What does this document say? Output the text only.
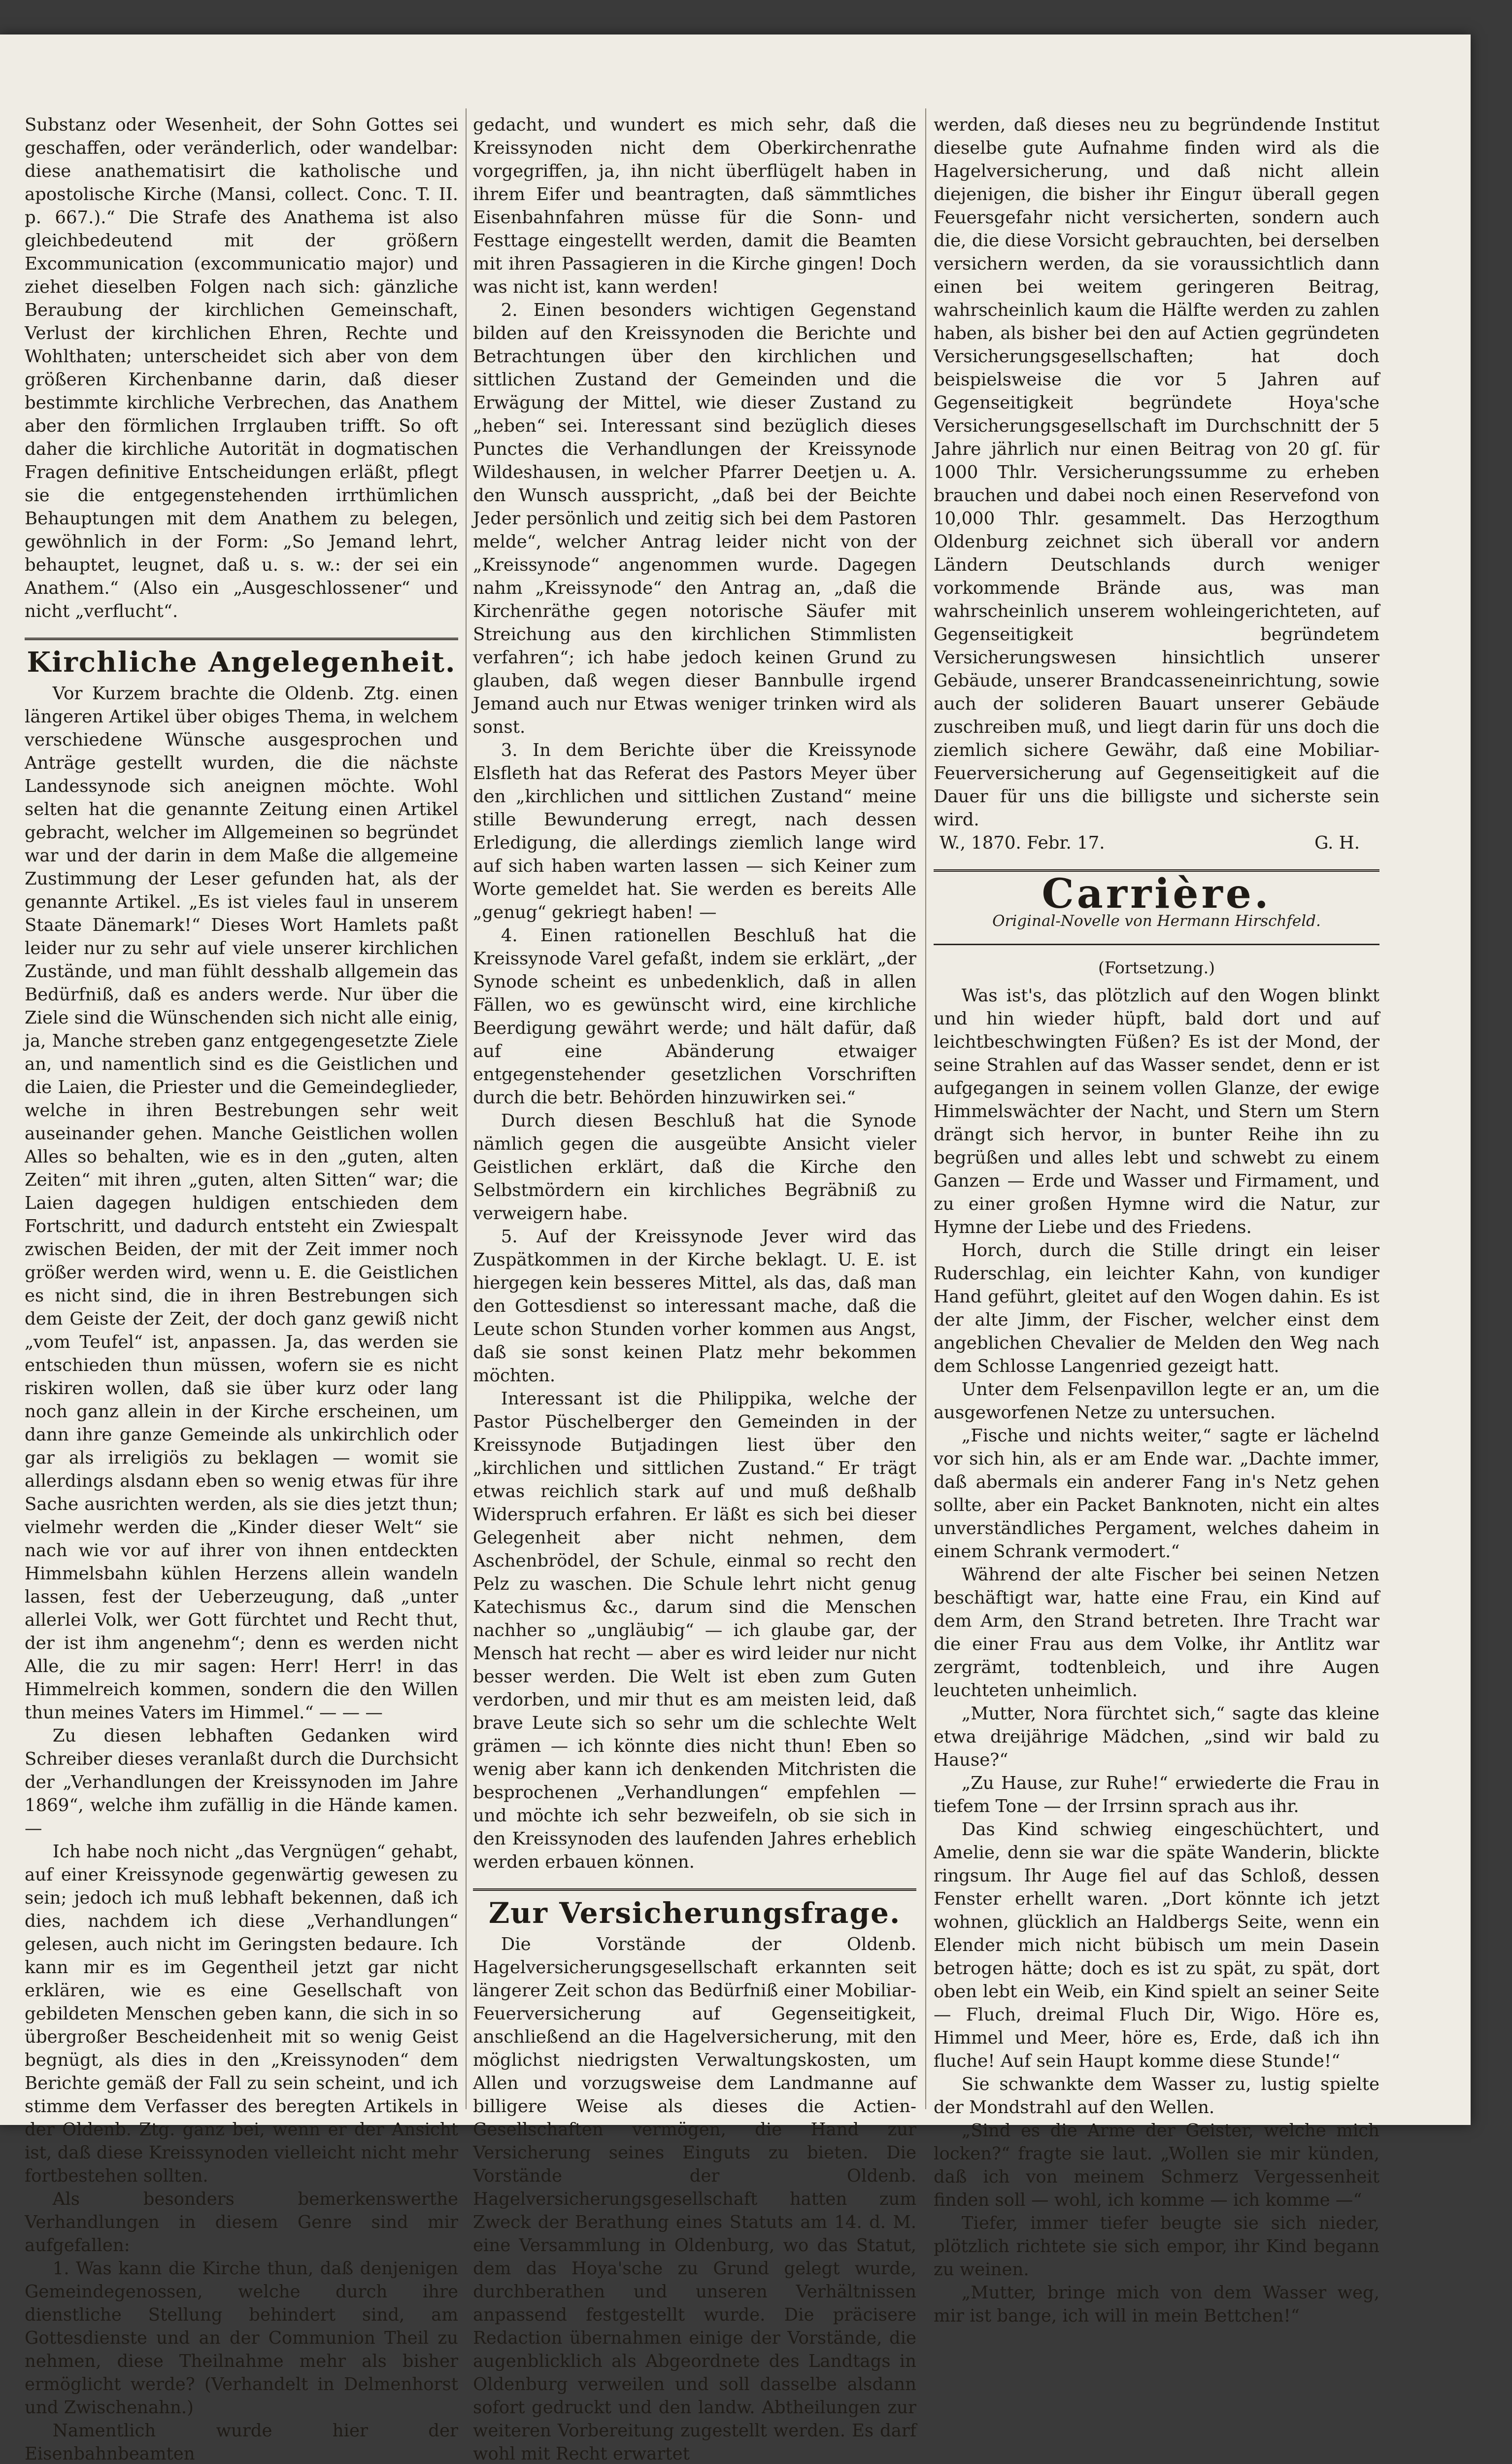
Substanz oder Wesenheit, der Sohn Gottes sei geschaffen, oder veränderlich, oder wandelbar: diese anathematisirt die katholische und apostolische Kirche (Mansi, collect. Conc. T. II. p. 667.).“ Die Strafe des Anathema ist also gleichbedeutend mit der größern Excommunication (excommunicatio major) und ziehet dieselben Folgen nach sich: gänzliche Beraubung der kirchlichen Gemeinschaft, Verlust der kirchlichen Ehren, Rechte und Wohlthaten; unterscheidet sich aber von dem größeren Kirchenbanne darin, daß dieser bestimmte kirchliche Verbrechen, das Anathem aber den förmlichen Irrglauben trifft. So oft daher die kirchliche Autorität in dogmatischen Fragen definitive Entscheidungen erläßt, pflegt sie die entgegenstehenden irrthümlichen Behauptungen mit dem Anathem zu belegen, gewöhnlich in der Form: „So Jemand lehrt, behauptet, leugnet, daß u. s. w.: der sei ein Anathem.“ (Also ein „Ausgeschlossener“ und nicht „verflucht“.

Kirchliche Angelegenheit.

Vor Kurzem brachte die Oldenb. Ztg. einen längeren Artikel über obiges Thema, in welchem verschiedene Wünsche ausgesprochen und Anträge gestellt wurden, die die nächste Landessynode sich aneignen möchte. Wohl selten hat die genannte Zeitung einen Artikel gebracht, welcher im Allgemeinen so begründet war und der darin in dem Maße die allgemeine Zustimmung der Leser gefunden hat, als der genannte Artikel. „Es ist vieles faul in unserem Staate Dänemark!“ Dieses Wort Hamlets paßt leider nur zu sehr auf viele unserer kirchlichen Zustände, und man fühlt desshalb allgemein das Bedürfniß, daß es anders werde. Nur über die Ziele sind die Wünschenden sich nicht alle einig, ja, Manche streben ganz entgegengesetzte Ziele an, und namentlich sind es die Geistlichen und die Laien, die Priester und die Gemeindeglieder, welche in ihren Bestrebungen sehr weit auseinander gehen. Manche Geistlichen wollen Alles so behalten, wie es in den „guten, alten Zeiten“ mit ihren „guten, alten Sitten“ war; die Laien dagegen huldigen entschieden dem Fortschritt, und dadurch entsteht ein Zwiespalt zwischen Beiden, der mit der Zeit immer noch größer werden wird, wenn u. E. die Geistlichen es nicht sind, die in ihren Bestrebungen sich dem Geiste der Zeit, der doch ganz gewiß nicht „vom Teufel“ ist, anpassen. Ja, das werden sie entschieden thun müssen, wofern sie es nicht riskiren wollen, daß sie über kurz oder lang noch ganz allein in der Kirche erscheinen, um dann ihre ganze Gemeinde als unkirchlich oder gar als irreligiös zu beklagen — womit sie allerdings alsdann eben so wenig etwas für ihre Sache ausrichten werden, als sie dies jetzt thun; vielmehr werden die „Kinder dieser Welt“ sie nach wie vor auf ihrer von ihnen entdeckten Himmelsbahn kühlen Herzens allein wandeln lassen, fest der Ueberzeugung, daß „unter allerlei Volk, wer Gott fürchtet und Recht thut, der ist ihm angenehm“; denn es werden nicht Alle, die zu mir sagen: Herr! Herr! in das Himmelreich kommen, sondern die den Willen thun meines Vaters im Himmel.“ — — —

Zu diesen lebhaften Gedanken wird Schreiber dieses veranlaßt durch die Durchsicht der „Verhandlungen der Kreissynoden im Jahre 1869“, welche ihm zufällig in die Hände kamen. —

Ich habe noch nicht „das Vergnügen“ gehabt, auf einer Kreissynode gegenwärtig gewesen zu sein; jedoch ich muß lebhaft bekennen, daß ich dies, nachdem ich diese „Verhandlungen“ gelesen, auch nicht im Geringsten bedaure. Ich kann mir es im Gegentheil jetzt gar nicht erklären, wie es eine Gesellschaft von gebildeten Menschen geben kann, die sich in so übergroßer Bescheidenheit mit so wenig Geist begnügt, als dies in den „Kreissynoden“ dem Berichte gemäß der Fall zu sein scheint, und ich stimme dem Verfasser des beregten Artikels in der Oldenb. Ztg. ganz bei, wenn er der Ansicht ist, daß diese Kreissynoden vielleicht nicht mehr fortbestehen sollten.

Als besonders bemerkenswerthe Verhandlungen in diesem Genre sind mir aufgefallen:

1. Was kann die Kirche thun, daß denjenigen Gemeindegenossen, welche durch ihre dienstliche Stellung behindert sind, am Gottesdienste und an der Communion Theil zu nehmen, diese Theilnahme mehr als bisher ermöglicht werde? (Verhandelt in Delmenhorst und Zwischenahn.)

Namentlich wurde hier der Eisenbahnbeamten

gedacht, und wundert es mich sehr, daß die Kreissynoden nicht dem Oberkirchenrathe vorgegriffen, ja, ihn nicht überflügelt haben in ihrem Eifer und beantragten, daß sämmtliches Eisenbahnfahren müsse für die Sonn- und Festtage eingestellt werden, damit die Beamten mit ihren Passagieren in die Kirche gingen! Doch was nicht ist, kann werden!

2. Einen besonders wichtigen Gegenstand bilden auf den Kreissynoden die Berichte und Betrachtungen über den kirchlichen und sittlichen Zustand der Gemeinden und die Erwägung der Mittel, wie dieser Zustand zu „heben“ sei. Interessant sind bezüglich dieses Punctes die Verhandlungen der Kreissynode Wildeshausen, in welcher Pfarrer Deetjen u. A. den Wunsch ausspricht, „daß bei der Beichte Jeder persönlich und zeitig sich bei dem Pastoren melde“, welcher Antrag leider nicht von der „Kreissynode“ angenommen wurde. Dagegen nahm „Kreissynode“ den Antrag an, „daß die Kirchenräthe gegen notorische Säufer mit Streichung aus den kirchlichen Stimmlisten verfahren“; ich habe jedoch keinen Grund zu glauben, daß wegen dieser Bannbulle irgend Jemand auch nur Etwas weniger trinken wird als sonst.

3. In dem Berichte über die Kreissynode Elsfleth hat das Referat des Pastors Meyer über den „kirchlichen und sittlichen Zustand“ meine stille Bewunderung erregt, nach dessen Erledigung, die allerdings ziemlich lange wird auf sich haben warten lassen — sich Keiner zum Worte gemeldet hat. Sie werden es bereits Alle „genug“ gekriegt haben! —

4. Einen rationellen Beschluß hat die Kreissynode Varel gefaßt, indem sie erklärt, „der Synode scheint es unbedenklich, daß in allen Fällen, wo es gewünscht wird, eine kirchliche Beerdigung gewährt werde; und hält dafür, daß auf eine Abänderung etwaiger entgegenstehender gesetzlichen Vorschriften durch die betr. Behörden hinzuwirken sei.“

Durch diesen Beschluß hat die Synode nämlich gegen die ausgeübte Ansicht vieler Geistlichen erklärt, daß die Kirche den Selbstmördern ein kirchliches Begräbniß zu verweigern habe.

5. Auf der Kreissynode Jever wird das Zuspätkommen in der Kirche beklagt. U. E. ist hiergegen kein besseres Mittel, als das, daß man den Gottesdienst so interessant mache, daß die Leute schon Stunden vorher kommen aus Angst, daß sie sonst keinen Platz mehr bekommen möchten.

Interessant ist die Philippika, welche der Pastor Püschelberger den Gemeinden in der Kreissynode Butjadingen liest über den „kirchlichen und sittlichen Zustand.“ Er trägt etwas reichlich stark auf und muß deßhalb Widerspruch erfahren. Er läßt es sich bei dieser Gelegenheit aber nicht nehmen, dem Aschenbrödel, der Schule, einmal so recht den Pelz zu waschen. Die Schule lehrt nicht genug Katechismus &c., darum sind die Menschen nachher so „ungläubig“ — ich glaube gar, der Mensch hat recht — aber es wird leider nur nicht besser werden. Die Welt ist eben zum Guten verdorben, und mir thut es am meisten leid, daß brave Leute sich so sehr um die schlechte Welt grämen — ich könnte dies nicht thun! Eben so wenig aber kann ich denkenden Mitchristen die besprochenen „Verhandlungen“ empfehlen — und möchte ich sehr bezweifeln, ob sie sich in den Kreissynoden des laufenden Jahres erheblich werden erbauen können.

Zur Versicherungsfrage.

Die Vorstände der Oldenb. Hagelversicherungsgesellschaft erkannten seit längerer Zeit schon das Bedürfniß einer Mobiliar-Feuerversicherung auf Gegenseitigkeit, anschließend an die Hagelversicherung, mit den möglichst niedrigsten Verwaltungskosten, um Allen und vorzugsweise dem Landmanne auf billigere Weise als dieses die Actien-Gesellschaften vermögen, die Hand zur Versicherung seines Einguts zu bieten. Die Vorstände der Oldenb. Hagelversicherungsgesellschaft hatten zum Zweck der Berathung eines Statuts am 14. d. M. eine Versammlung in Oldenburg, wo das Statut, dem das Hoya'sche zu Grund gelegt wurde, durchberathen und unseren Verhältnissen anpassend festgestellt wurde. Die präcisere Redaction übernahmen einige der Vorstände, die augenblicklich als Abgeordnete des Landtags in Oldenburg verweilen und soll dasselbe alsdann sofort gedruckt und den landw. Abtheilungen zur weiteren Vorbereitung zugestellt werden. Es darf wohl mit Recht erwartet

werden, daß dieses neu zu begründende Institut dieselbe gute Aufnahme finden wird als die Hagelversicherung, und daß nicht allein diejenigen, die bisher ihr Einguт überall gegen Feuersgefahr nicht versicherten, sondern auch die, die diese Vorsicht gebrauchten, bei derselben versichern werden, da sie voraussichtlich dann einen bei weitem geringeren Beitrag, wahrscheinlich kaum die Hälfte werden zu zahlen haben, als bisher bei den auf Actien gegründeten Versicherungsgesellschaften; hat doch beispielsweise die vor 5 Jahren auf Gegenseitigkeit begründete Hoya'sche Versicherungsgesellschaft im Durchschnitt der 5 Jahre jährlich nur einen Beitrag von 20 gſ. für 1000 Thlr. Versicherungssumme zu erheben brauchen und dabei noch einen Reservefond von 10,000 Thlr. gesammelt. Das Herzogthum Oldenburg zeichnet sich überall vor andern Ländern Deutschlands durch weniger vorkommende Brände aus, was man wahrscheinlich unserem wohleingerichteten, auf Gegenseitigkeit begründetem Versicherungswesen hinsichtlich unserer Gebäude, unserer Brandcasseneinrichtung, sowie auch der solideren Bauart unserer Gebäude zuschreiben muß, und liegt darin für uns doch die ziemlich sichere Gewähr, daß eine Mobiliar-Feuerversicherung auf Gegenseitigkeit auf die Dauer für uns die billigste und sicherste sein wird.

W., 1870. Febr. 17.	G. H.
Carrière.
Original-Novelle von Hermann Hirschfeld.
(Fortsetzung.)

Was ist's, das plötzlich auf den Wogen blinkt und hin wieder hüpft, bald dort und auf leichtbeschwingten Füßen? Es ist der Mond, der seine Strahlen auf das Wasser sendet, denn er ist aufgegangen in seinem vollen Glanze, der ewige Himmelswächter der Nacht, und Stern um Stern drängt sich hervor, in bunter Reihe ihn zu begrüßen und alles lebt und schwebt zu einem Ganzen — Erde und Wasser und Firmament, und zu einer großen Hymne wird die Natur, zur Hymne der Liebe und des Friedens.

Horch, durch die Stille dringt ein leiser Ruderschlag, ein leichter Kahn, von kundiger Hand geführt, gleitet auf den Wogen dahin. Es ist der alte Jimm, der Fischer, welcher einst dem angeblichen Chevalier de Melden den Weg nach dem Schlosse Langenried gezeigt hatt.

Unter dem Felsenpavillon legte er an, um die ausgeworfenen Netze zu untersuchen.

„Fische und nichts weiter,“ sagte er lächelnd vor sich hin, als er am Ende war. „Dachte immer, daß abermals ein anderer Fang in's Netz gehen sollte, aber ein Packet Banknoten, nicht ein altes unverständliches Pergament, welches daheim in einem Schrank vermodert.“

Während der alte Fischer bei seinen Netzen beschäftigt war, hatte eine Frau, ein Kind auf dem Arm, den Strand betreten. Ihre Tracht war die einer Frau aus dem Volke, ihr Antlitz war zergrämt, todtenbleich, und ihre Augen leuchteten unheimlich.

„Mutter, Nora fürchtet sich,“ sagte das kleine etwa dreijährige Mädchen, „sind wir bald zu Hause?“

„Zu Hause, zur Ruhe!“ erwiederte die Frau in tiefem Tone — der Irrsinn sprach aus ihr.

Das Kind schwieg eingeschüchtert, und Amelie, denn sie war die späte Wanderin, blickte ringsum. Ihr Auge fiel auf das Schloß, dessen Fenster erhellt waren. „Dort könnte ich jetzt wohnen, glücklich an Haldbergs Seite, wenn ein Elender mich nicht bübisch um mein Dasein betrogen hätte; doch es ist zu spät, zu spät, dort oben lebt ein Weib, ein Kind spielt an seiner Seite — Fluch, dreimal Fluch Dir, Wigo. Höre es, Himmel und Meer, höre es, Erde, daß ich ihn fluche! Auf sein Haupt komme diese Stunde!“

Sie schwankte dem Wasser zu, lustig spielte der Mondstrahl auf den Wellen.

„Sind es die Arme der Geister, welche mich locken?“ fragte sie laut. „Wollen sie mir künden, daß ich von meinem Schmerz Vergessenheit finden soll — wohl, ich komme — ich komme —“

Tiefer, immer tiefer beugte sie sich nieder, plötzlich richtete sie sich empor, ihr Kind begann zu weinen.

„Mutter, bringe mich von dem Wasser weg, mir ist bange, ich will in mein Bettchen!“
